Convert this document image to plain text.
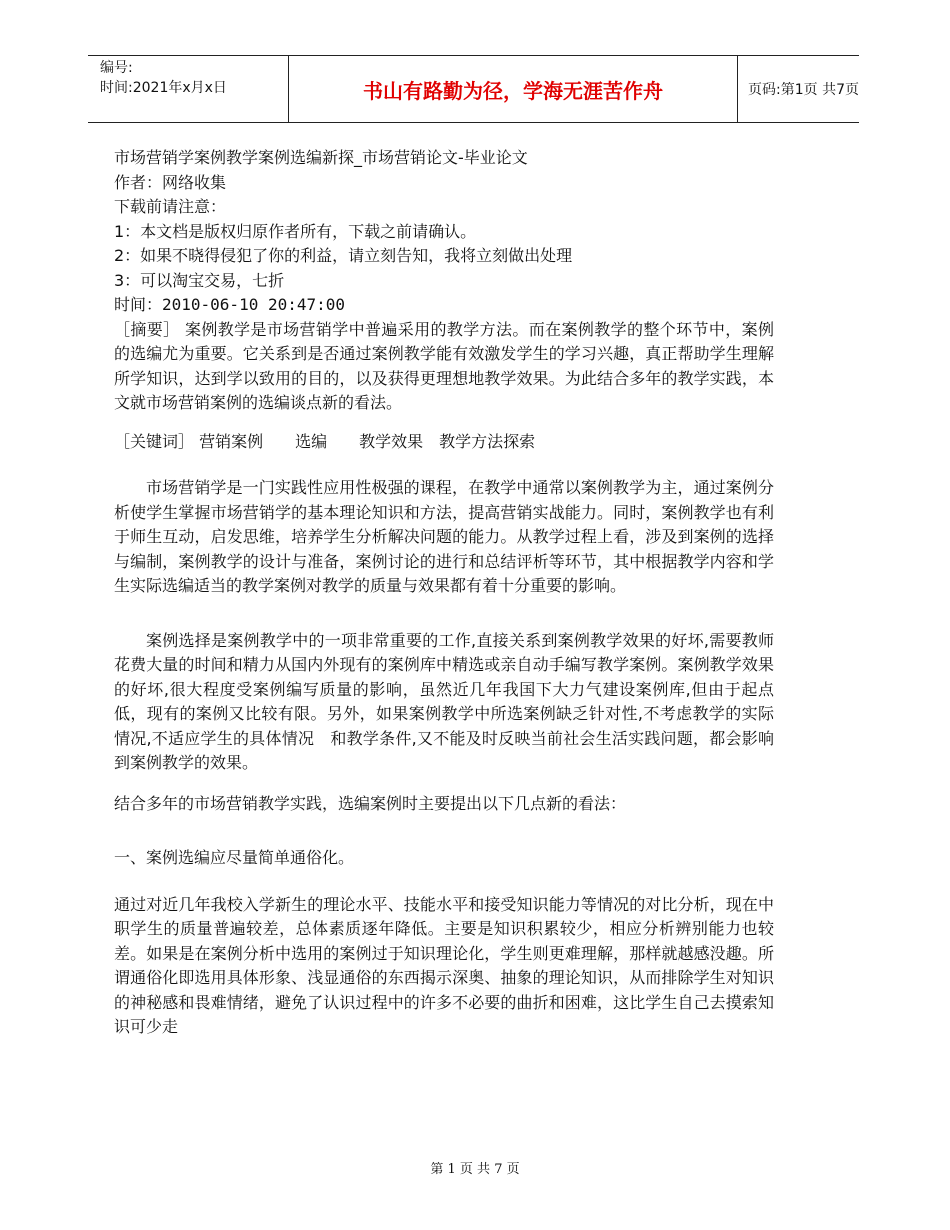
编号:
时间:2021年x月x日	书山有路勤为径，学海无涯苦作舟	页码:第1页 共7页

市场营销学案例教学案例选编新探_市场营销论文-毕业论文

作者：网络收集

下载前请注意：

1：本文档是版权归原作者所有，下载之前请确认。

2：如果不晓得侵犯了你的利益，请立刻告知，我将立刻做出处理

3：可以淘宝交易，七折

时间：2010-06-10 20:47:00

［摘要］ 案例教学是市场营销学中普遍采用的教学方法。而在案例教学的整个环节中，案例的选编尤为重要。它关系到是否通过案例教学能有效激发学生的学习兴趣，真正帮助学生理解所学知识，达到学以致用的目的，以及获得更理想地教学效果。为此结合多年的教学实践，本文就市场营销案例的选编谈点新的看法。

［关键词］ 营销案例　　选编　　教学效果　教学方法探索

市场营销学是一门实践性应用性极强的课程，在教学中通常以案例教学为主，通过案例分析使学生掌握市场营销学的基本理论知识和方法，提高营销实战能力。同时，案例教学也有利于师生互动，启发思维，培养学生分析解决问题的能力。从教学过程上看，涉及到案例的选择与编制，案例教学的设计与准备，案例讨论的进行和总结评析等环节，其中根据教学内容和学生实际选编适当的教学案例对教学的质量与效果都有着十分重要的影响。

案例选择是案例教学中的一项非常重要的工作,直接关系到案例教学效果的好坏,需要教师花费大量的时间和精力从国内外现有的案例库中精选或亲自动手编写教学案例。案例教学效果的好坏,很大程度受案例编写质量的影响，虽然近几年我国下大力气建设案例库,但由于起点低，现有的案例又比较有限。另外，如果案例教学中所选案例缺乏针对性,不考虑教学的实际情况,不适应学生的具体情况　和教学条件,又不能及时反映当前社会生活实践问题，都会影响到案例教学的效果。

结合多年的市场营销教学实践，选编案例时主要提出以下几点新的看法：

一、案例选编应尽量简单通俗化。

通过对近几年我校入学新生的理论水平、技能水平和接受知识能力等情况的对比分析，现在中职学生的质量普遍较差，总体素质逐年降低。主要是知识积累较少，相应分析辨别能力也较差。如果是在案例分析中选用的案例过于知识理论化，学生则更难理解，那样就越感没趣。所谓通俗化即选用具体形象、浅显通俗的东西揭示深奥、抽象的理论知识，从而排除学生对知识的神秘感和畏难情绪，避免了认识过程中的许多不必要的曲折和困难，这比学生自己去摸索知识可少走

第 1 页 共 7 页
